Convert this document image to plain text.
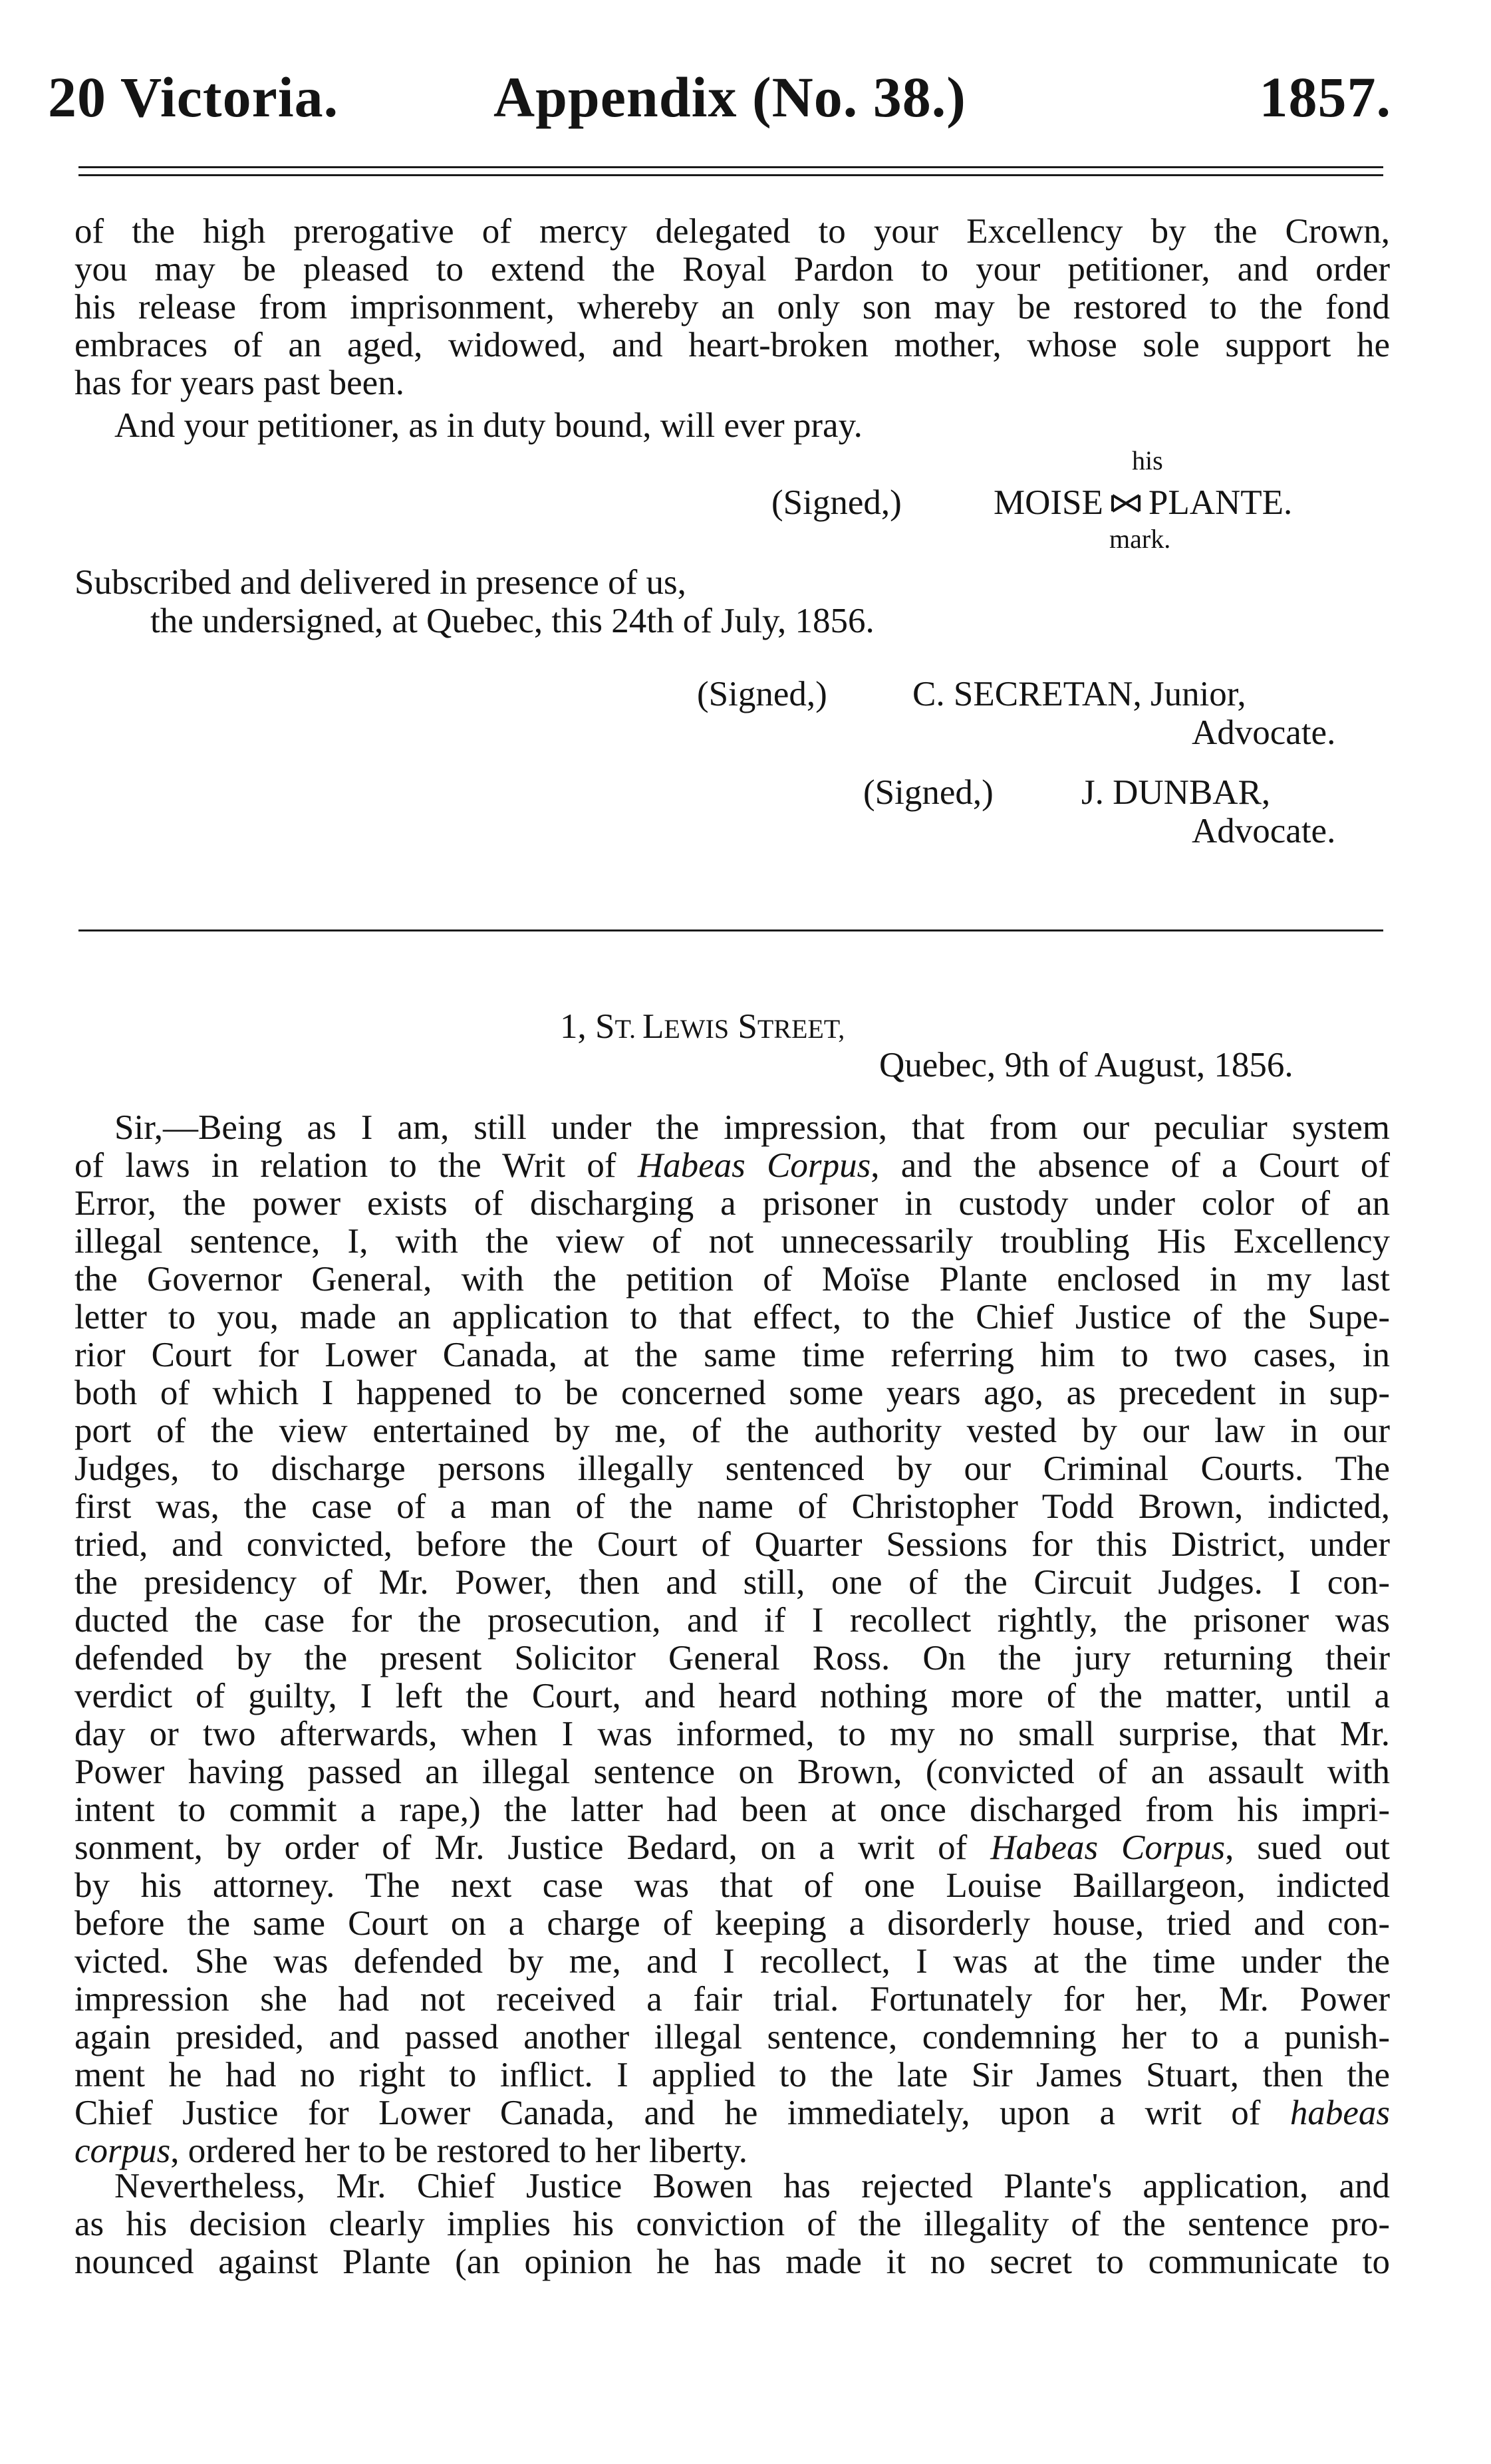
20 Victoria.	Appendix (No. 38.)	1857.
of the high prerogative of mercy delegated to your Excellency by the Crown,
you may be pleased to extend the Royal Pardon to your petitioner, and order
his release from imprisonment, whereby an only son may be restored to the fond
embraces of an aged, widowed, and heart-broken mother, whose sole support he
has for years past been.
And your petitioner, as in duty bound, will ever pray.
his
(Signed,)	MOISE PLANTE.
mark.
Subscribed and delivered in presence of us,
the undersigned, at Quebec, this 24th of July, 1856.
(Signed,) C. SECRETAN, Junior,
Advocate.
(Signed,) J. DUNBAR,
Advocate.
1, ST. LEWIS STREET,
Quebec, 9th of August, 1856.
Sir,—Being as I am, still under the impression, that from our peculiar system
of laws in relation to the Writ of Habeas Corpus, and the absence of a Court of
Error, the power exists of discharging a prisoner in custody under color of an
illegal sentence, I, with the view of not unnecessarily troubling His Excellency
the Governor General, with the petition of Moïse Plante enclosed in my last
letter to you, made an application to that effect, to the Chief Justice of the Supe-
rior Court for Lower Canada, at the same time referring him to two cases, in
both of which I happened to be concerned some years ago, as precedent in sup-
port of the view entertained by me, of the authority vested by our law in our
Judges, to discharge persons illegally sentenced by our Criminal Courts. The
first was, the case of a man of the name of Christopher Todd Brown, indicted,
tried, and convicted, before the Court of Quarter Sessions for this District, under
the presidency of Mr. Power, then and still, one of the Circuit Judges. I con-
ducted the case for the prosecution, and if I recollect rightly, the prisoner was
defended by the present Solicitor General Ross. On the jury returning their
verdict of guilty, I left the Court, and heard nothing more of the matter, until a
day or two afterwards, when I was informed, to my no small surprise, that Mr.
Power having passed an illegal sentence on Brown, (convicted of an assault with
intent to commit a rape,) the latter had been at once discharged from his impri-
sonment, by order of Mr. Justice Bedard, on a writ of Habeas Corpus, sued out
by his attorney. The next case was that of one Louise Baillargeon, indicted
before the same Court on a charge of keeping a disorderly house, tried and con-
victed. She was defended by me, and I recollect, I was at the time under the
impression she had not received a fair trial. Fortunately for her, Mr. Power
again presided, and passed another illegal sentence, condemning her to a punish-
ment he had no right to inflict. I applied to the late Sir James Stuart, then the
Chief Justice for Lower Canada, and he immediately, upon a writ of habeas
corpus, ordered her to be restored to her liberty.
Nevertheless, Mr. Chief Justice Bowen has rejected Plante's application, and
as his decision clearly implies his conviction of the illegality of the sentence pro-
nounced against Plante (an opinion he has made it no secret to communicate to
